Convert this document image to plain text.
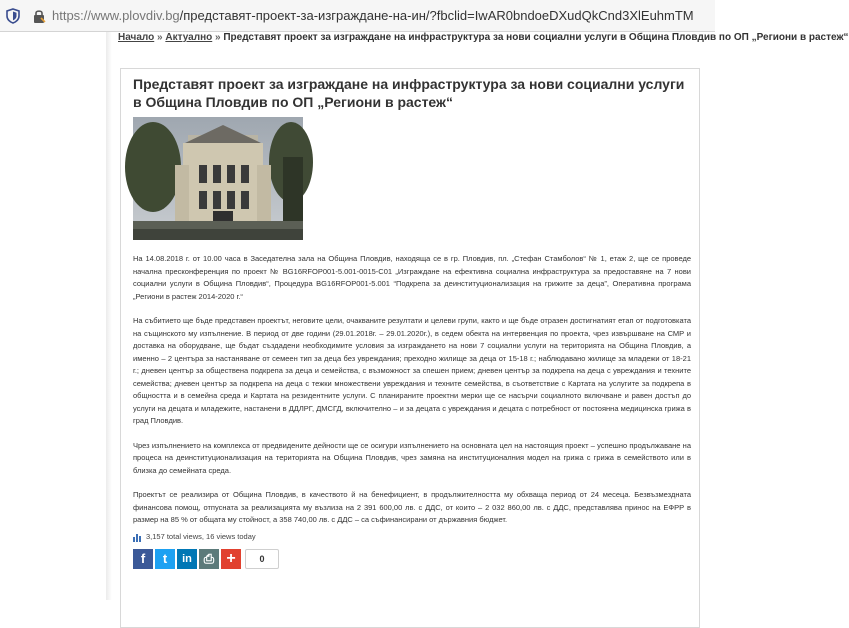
https://www.plovdiv.bg/представят-проект-за-изграждане-на-ин/?fbclid=IwAR0bndoeDXudQkCnd3XlEuhmTM
Начало » Актуално » Представят проект за изграждане на инфраструктура за нови социални услуги в Община Пловдив по ОП „Региони в растеж“
Представят проект за изграждане на инфраструктура за нови социални услуги в Община Пловдив по ОП „Региони в растеж“

На 14.08.2018 г. от 10.00 часа в Заседателна зала на Община Пловдив, находяща се в гр. Пловдив, пл. „Стефан Стамболов“ № 1, етаж 2, ще се проведе начална пресконференция по проект № BG16RFOP001-5.001-0015-C01 „Изграждане на ефективна социална инфраструктура за предоставяне на 7 нови социални услуги в Община Пловдив“, Процедура BG16RFOP001-5.001 “Подкрепа за деинституционализация на грижите за деца”, Оперативна програма „Региони в растеж 2014-2020 г.“

На събитието ще бъде представен проектът, неговите цели, очакваните резултати и целеви групи, както и ще бъде отразен достигнатият етап от подготовката на същинското му изпълнение. В период от две години (29.01.2018г. – 29.01.2020г.), в седем обекта на интервенция по проекта, чрез извършване на СМР и доставка на оборудване, ще бъдат създадени необходимите условия за изграждането на нови 7 социални услуги на територията на Община Пловдив, а именно – 2 центъра за настаняване от семеен тип за деца без увреждания; преходно жилище за деца от 15-18 г.; наблюдавано жилище за младежи от 18-21 г.; дневен център за обществена подкрепа за деца и семейства, с възможност за спешен прием; дневен център за подкрепа на деца с увреждания и техните семейства; дневен център за подкрепа на деца с тежки множествени увреждания и техните семейства, в съответствие с Картата на услугите за подкрепа в общността и в семейна среда и Картата на резидентните услуги. С планираните проектни мерки ще се насърчи социалното включване и равен достъп до услуги на децата и младежите, настанени в ДДЛРГ, ДМСГД, включително – и за децата с увреждания и децата с потребност от постоянна медицинска грижа в град Пловдив.

Чрез изпълнението на комплекса от предвидените дейности ще се осигури изпълнението на основната цел на настоящия проект – успешно продължаване на процеса на деинституционализация на територията на Община Пловдив, чрез замяна на институционалния модел на грижа с грижа в семейството или в близка до семейната среда.

Проектът се реализира от Община Пловдив, в качеството й на бенефициент, в продължителността му обхваща период от 24 месеца. Безвъзмездната финансова помощ, отпусната за реализацията му възлиза на 2 391 600,00 лв. с ДДС, от които – 2 032 860,00 лв. с ДДС, представлява принос на ЕФРР в размер на 85 % от общата му стойност, а 358 740,00 лв. с ДДС – са съфинансирани от държавния бюджет.

3,157 total views, 16 views today
f	t	in ⎙ +	0
